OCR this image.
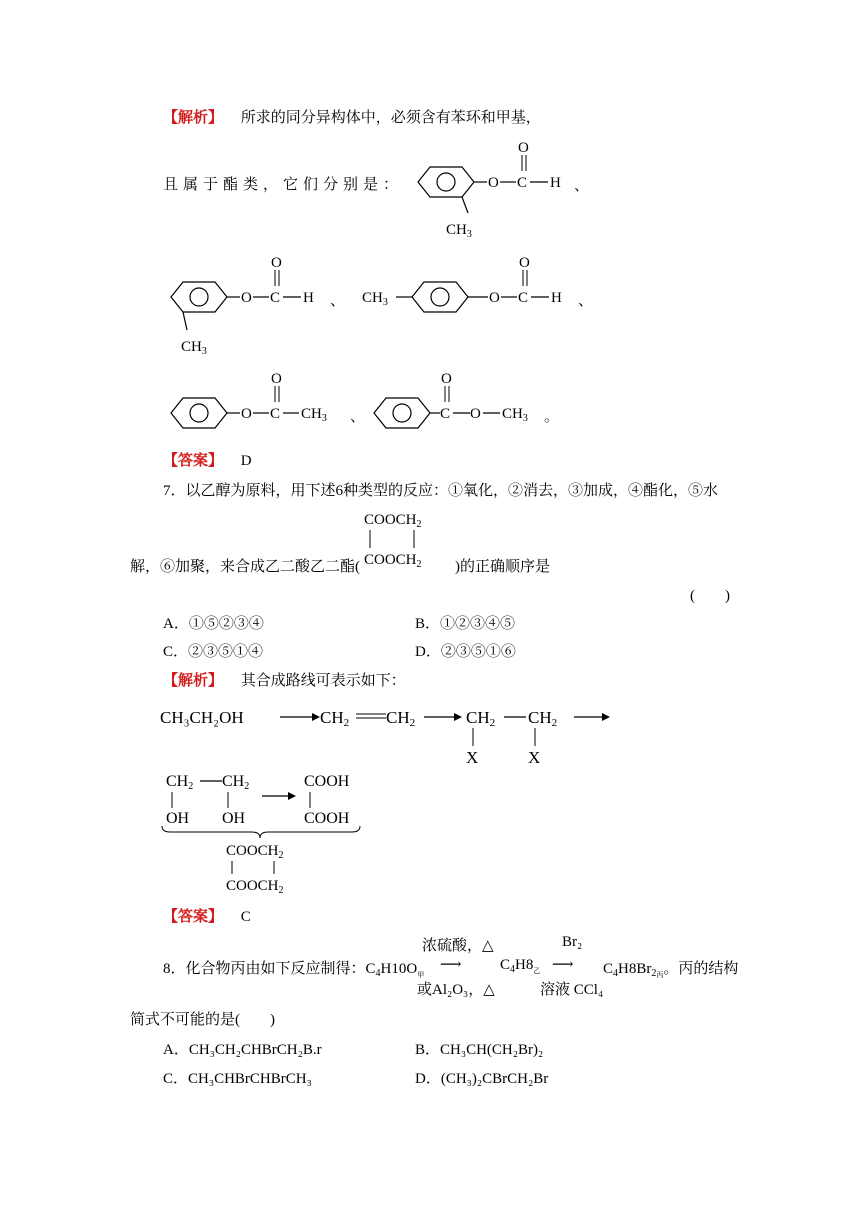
【解析】 所求的同分异构体中，必须含有苯环和甲基，
且属于酯类，它们分别是：	O C H
O
$CH_3$
、
O C H
O
$CH_3$
、 $CH_3$	O C H
O
、
O C $CH_3$
O
、	C O $CH_3$
O
。
【答案】 D
7．以乙醇为原料，用下述6种类型的反应：①氧化，②消去，③加成，④酯化，⑤水
解，⑥加聚，来合成乙二酸乙二酯(
$COOCH_2$
$COOCH_2$ )的正确顺序是
(　　)
A．①⑤②③④	B．①②③④⑤
C．②③⑤①④	D．②③⑤①⑥
【解析】 其合成路线可表示如下：
CH₃CH₂OH	CH2 CH2	CH2 CH2
X	X
CH2 CH2
OH OH
COOH
COOH
$COOCH_2$
$COOCH_2$
【答案】 C
浓硫酸，△	Br₂
8．化合物丙由如下反应制得：$C_4H10O_甲$
⟶	$C_4H8_乙$ ⟶ $C_4H8Br_{2丙}$。丙的结构
或Al₂O₃，△	溶液 CCl₄
简式不可能的是(　　)
A．CH₃CH₂CHBrCH₂B.r	B．CH₃CH(CH₂Br)₂
C．CH₃CHBrCHBrCH₃	D．(CH₃)₂CBrCH₂Br
